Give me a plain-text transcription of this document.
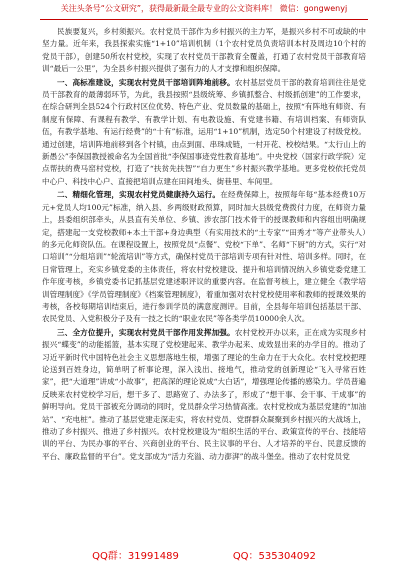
关注头条号“公文研究”，获得最新最全最专业的公文资料库！ 微信：gongwenyj

民族要复兴，乡村须振兴。农村党员干部作为乡村振兴的主力军，是振兴乡村不可或缺的中坚力量。近年来，我县探索实施“1+10”培训机制（1个农村党员负责培训本村及周边10个村的党员干部），创建50所农村党校，实现了农村党员干部教育全覆盖，打通了农村党员干部教育培训“最后一公里”，为全县乡村振兴提供了强有力的人才支撑和组织保障。

一、高标准建设，实现农村党员干部培训阵地前移。农村基层党员干部的教育培训往往是党员干部教育的最薄弱环节，为此，我县按照“县级统筹、乡镇抓整合、村级抓创建”的工作要求，在综合研判全县524个行政村区位优势、特色产业、党员数量的基础上，按照“有阵地有师资、有制度有保障、有课程有教学、有教学计划、有电教设施、有党建书籍、有培训档案、有师资队伍，有教学基地、有运行经费”的“十有”标准，运用“1+10”机制，选定50个村建设了村级党校。通过创建，培训阵地前移到各个村镇，由点到面、串珠成链，一村开花、校校结果。“太行山上的新愚公”李保国教授被命名为全国首批“李保国事迹党性教育基地”。中央党校（国家行政学院）定点帮扶的费马窑村党校，打造了“扶贫先扶智”“自力更生”乡村振兴教学基地。更多党校依托党员中心户、科技中心户、直接把培训点建在田间地头、街巷里、车间里。

二、精细化管理，实现农村党员健康持久运行。在经费保障上，按照每年每“基本经费10万元+党员人均100元”标准，纳入县、乡两级财政预算，同时加大县级党费拨付力度，在师资力量上，县委组织部牵头，从县直有关单位、乡镇、涉农部门技术骨干的授课教师和内容组出明确规定，搭建起一支党校教师+本土干部+身边典型（有实用技术的“土专家”“田秀才”等产业带头人）的多元化师资队伍。在课程设置上，按照党员“点餐”、党校“下单”、名师“下厨”的方式，实行“对口培训”“分组培训”“轮流培训”等方式，确保村党员干部培训专项有针对性、培训多样。同时，在日常管理上，充实乡镇党委的主体责任，将农村党校建设、提升和培训情况纳入乡镇党委党建工作年度考核，乡镇党委书记抓基层党建述职评议的重要内容。在监督考核上，建立健全《教学培训管理制度》《学员管理制度》《档案管理制度》，着重加强对农村党校使用率和教师的授课效果的考核，各校每期培训结束后，进行参训学员的满意度测评。目前，全县每年培训包括基层干部、农民党员、入党积极分子及有一技之长的“职业农民”等各类学员10000余人次。

三、全方位提升，实现农村党员干部作用发挥加强。农村党校开办以来，正在成为实现乡村振兴“蝶变”的动能摇篮，基本实现了党校建起来、教学办起来、成效显出来的办学目的。推动了习近平新时代中国特色社会主义思想落地生根，增强了理论的生命力在于大众化。农村党校把理论送到百姓身边，简单明了析事论理，深入浅出、接地气，推动党的创新理论“飞入寻常百姓家”，把“大道理”讲成“小故事”，把高深的理论说成“大白话”，增强理论传播的感染力。学员普遍反映来农村党校学习后，想干多了、思路宽了、办法多了，形成了“想干事、会干事、干成事”的鲜明导向。党员干部被充分调动的同时，党员群众学习热情高涨。农村党校成为基层党建的“加油站”、“充电桩”。推动了基层党建走深走实，将农村党员、党群群众凝聚到乡村振兴的大战场上，推动了乡村振兴、推进了乡村振兴。农村党校建设为“组织生活的平台、政策宣传的平台、技能培训的平台、为民办事的平台、兴商创业的平台、民主议事的平台、人才培养的平台、民意反馈的平台、廉政监督的平台”。党支部成为“活力充溢、动力澎湃”的战斗堡垒。推动了农村党员党

QQ群：31991489	QQ：535304092
